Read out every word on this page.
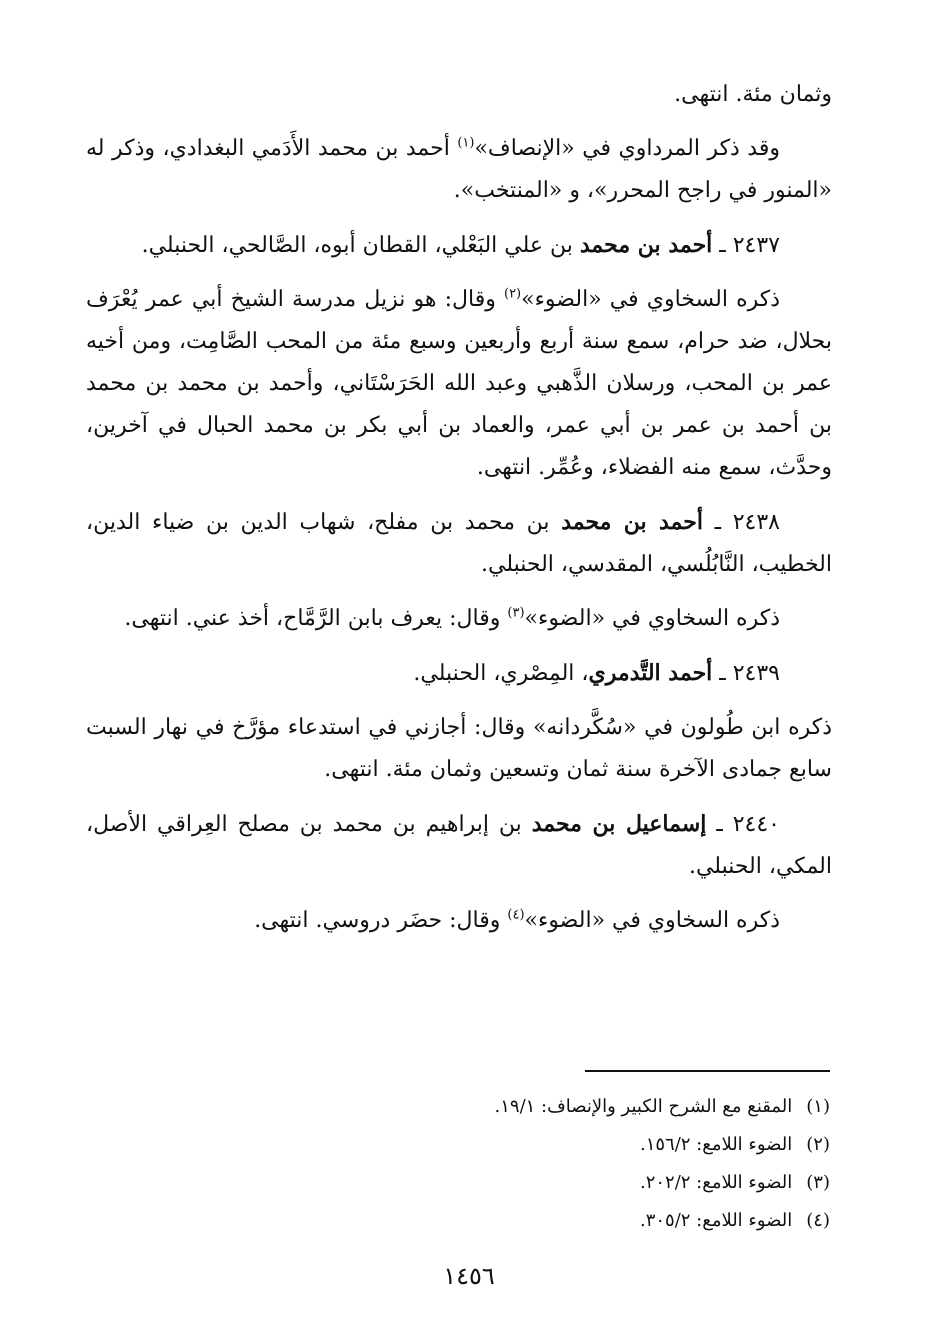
وثمان مئة. انتهى.

وقد ذكر المرداوي في «الإنصاف»$^{(١)}$ أحمد بن محمد الأَدَمي البغدادي، وذكر له «المنور في راجح المحرر»، و «المنتخب».

٢٤٣٧ ـ أحمد بن محمد بن علي البَعْلي، القطان أبوه، الصَّالحي، الحنبلي.

ذكره السخاوي في «الضوء»$^{(٢)}$ وقال: هو نزيل مدرسة الشيخ أبي عمر يُعْرَف بحلال، ضد حرام، سمع سنة أربع وأربعين وسبع مئة من المحب الصَّامِت، ومن أخيه عمر بن المحب، ورسلان الذَّهبي وعبد الله الحَرَسْتَاني، وأحمد بن محمد بن محمد بن أحمد بن عمر بن أبي عمر، والعماد بن أبي بكر بن محمد الحبال في آخرين، وحدَّث، سمع منه الفضلاء، وعُمِّر. انتهى.

٢٤٣٨ ـ أحمد بن محمد بن محمد بن مفلح، شهاب الدين بن ضياء الدين، الخطيب، النَّابُلُسي، المقدسي، الحنبلي.

ذكره السخاوي في «الضوء»$^{(٣)}$ وقال: يعرف بابن الرَّمَّاح، أخذ عني. انتهى.

٢٤٣٩ ـ أحمد التَّدمري، المِصْري، الحنبلي.

ذكره ابن طُولون في «سُكَّردانه» وقال: أجازني في استدعاء مؤرَّخ في نهار السبت سابع جمادى الآخرة سنة ثمان وتسعين وثمان مئة. انتهى.

٢٤٤٠ ـ إسماعيل بن محمد بن إبراهيم بن محمد بن مصلح العِراقي الأصل، المكي، الحنبلي.

ذكره السخاوي في «الضوء»$^{(٤)}$ وقال: حضَر دروسي. انتهى.

(١)المقنع مع الشرح الكبير والإنصاف: ١٩/١.
(٢)الضوء اللامع: ١٥٦/٢.
(٣)الضوء اللامع: ٢٠٢/٢.
(٤)الضوء اللامع: ٣٠٥/٢.
١٤٥٦
